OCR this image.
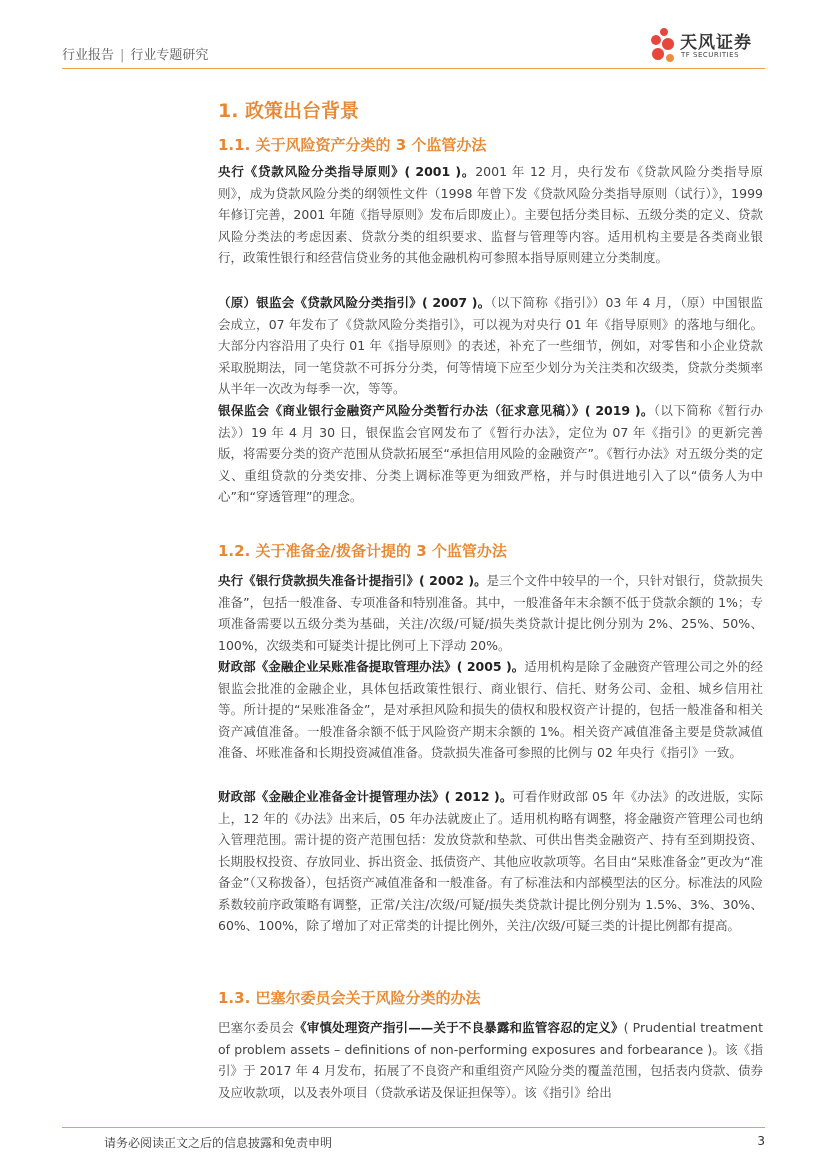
行业报告 | 行业专题研究
天风证券
TF SECURITIES
1. 政策出台背景
1.1. 关于风险资产分类的 3 个监管办法
央行《贷款风险分类指导原则》( 2001 )。2001 年 12 月，央行发布《贷款风险分类指导原则》，成为贷款风险分类的纲领性文件（1998 年曾下发《贷款风险分类指导原则（试行）》，1999 年修订完善，2001 年随《指导原则》发布后即废止）。主要包括分类目标、五级分类的定义、贷款风险分类法的考虑因素、贷款分类的组织要求、监督与管理等内容。适用机构主要是各类商业银行，政策性银行和经营信贷业务的其他金融机构可参照本指导原则建立分类制度。
（原）银监会《贷款风险分类指引》( 2007 )。（以下简称《指引》）03 年 4 月，（原）中国银监会成立，07 年发布了《贷款风险分类指引》，可以视为对央行 01 年《指导原则》的落地与细化。大部分内容沿用了央行 01 年《指导原则》的表述，补充了一些细节，例如，对零售和小企业贷款采取脱期法，同一笔贷款不可拆分分类，何等情境下应至少划分为关注类和次级类，贷款分类频率从半年一次改为每季一次，等等。
银保监会《商业银行金融资产风险分类暂行办法（征求意见稿）》( 2019 )。（以下简称《暂行办法》）19 年 4 月 30 日，银保监会官网发布了《暂行办法》，定位为 07 年《指引》的更新完善版，将需要分类的资产范围从贷款拓展至“承担信用风险的金融资产”。《暂行办法》对五级分类的定义、重组贷款的分类安排、分类上调标准等更为细致严格，并与时俱进地引入了以“债务人为中心”和“穿透管理”的理念。
1.2. 关于准备金/拨备计提的 3 个监管办法
央行《银行贷款损失准备计提指引》( 2002 )。是三个文件中较早的一个，只针对银行，贷款损失准备”，包括一般准备、专项准备和特别准备。其中，一般准备年末余额不低于贷款余额的 1%；专项准备需要以五级分类为基础，关注/次级/可疑/损失类贷款计提比例分别为 2%、25%、50%、100%，次级类和可疑类计提比例可上下浮动 20%。
财政部《金融企业呆账准备提取管理办法》( 2005 )。适用机构是除了金融资产管理公司之外的经银监会批准的金融企业，具体包括政策性银行、商业银行、信托、财务公司、金租、城乡信用社等。所计提的“呆账准备金”，是对承担风险和损失的债权和股权资产计提的，包括一般准备和相关资产减值准备。一般准备余额不低于风险资产期末余额的 1%。相关资产减值准备主要是贷款减值准备、坏账准备和长期投资减值准备。贷款损失准备可参照的比例与 02 年央行《指引》一致。
财政部《金融企业准备金计提管理办法》( 2012 )。可看作财政部 05 年《办法》的改进版，实际上，12 年的《办法》出来后，05 年办法就废止了。适用机构略有调整，将金融资产管理公司也纳入管理范围。需计提的资产范围包括：发放贷款和垫款、可供出售类金融资产、持有至到期投资、长期股权投资、存放同业、拆出资金、抵债资产、其他应收款项等。名目由“呆账准备金”更改为“准备金”（又称拨备），包括资产减值准备和一般准备。有了标准法和内部模型法的区分。标准法的风险系数较前序政策略有调整，正常/关注/次级/可疑/损失类贷款计提比例分别为 1.5%、3%、30%、60%、100%，除了增加了对正常类的计提比例外，关注/次级/可疑三类的计提比例都有提高。
1.3. 巴塞尔委员会关于风险分类的办法
巴塞尔委员会《审慎处理资产指引——关于不良暴露和监管容忍的定义》( Prudential treatment of problem assets – definitions of non-performing exposures and forbearance )。该《指引》于 2017 年 4 月发布，拓展了不良资产和重组资产风险分类的覆盖范围，包括表内贷款、债券及应收款项，以及表外项目（贷款承诺及保证担保等）。该《指引》给出
请务必阅读正文之后的信息披露和免责申明	3
